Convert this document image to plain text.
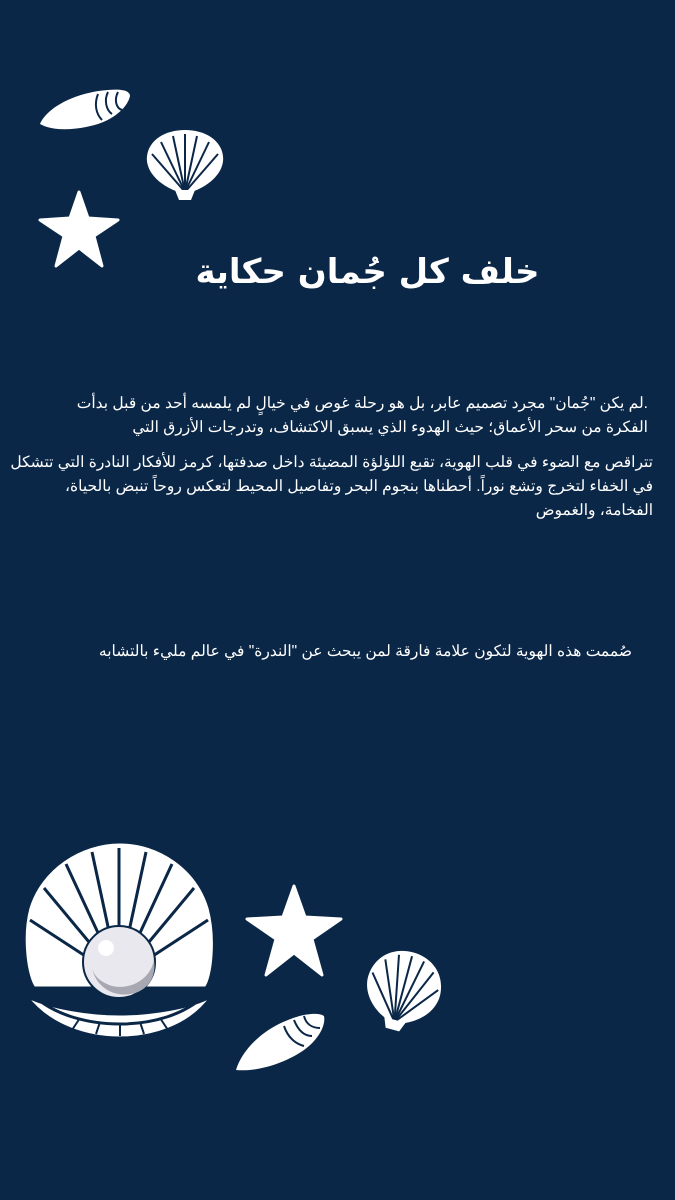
خلف كل جُمان حكاية
.لم يكن "جُمان" مجرد تصميم عابر، بل هو رحلة غوص في خيالٍ لم يلمسه أحد من قبل بدأت الفكرة من سحر الأعماق؛ حيث الهدوء الذي يسبق الاكتشاف، وتدرجات الأزرق التي
تتراقص مع الضوء في قلب الهوية، تقبع اللؤلؤة المضيئة داخل صدفتها، كرمز للأفكار النادرة التي تتشكل في الخفاء لتخرج وتشع نوراً. أحطناها بنجوم البحر وتفاصيل المحيط لتعكس روحاً تنبض بالحياة، الفخامة، والغموض
صُممت هذه الهوية لتكون علامة فارقة لمن يبحث عن "الندرة" في عالم مليء بالتشابه
